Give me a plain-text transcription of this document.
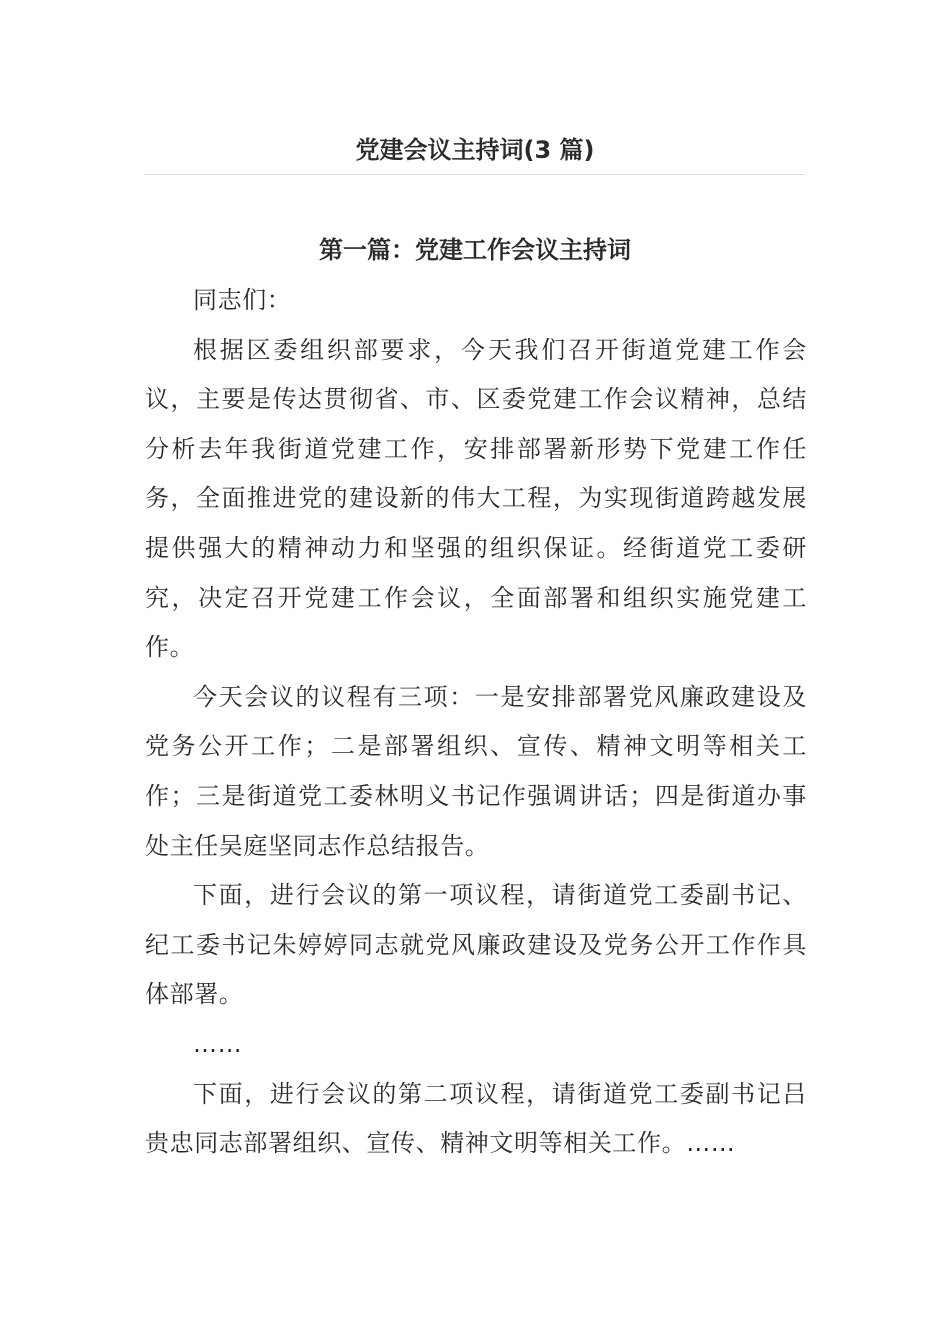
党建会议主持词(3 篇)
第一篇：党建工作会议主持词

同志们：

根据区委组织部要求，今天我们召开街道党建工作会议，主要是传达贯彻省、市、区委党建工作会议精神，总结分析去年我街道党建工作，安排部署新形势下党建工作任务，全面推进党的建设新的伟大工程，为实现街道跨越发展提供强大的精神动力和坚强的组织保证。经街道党工委研究，决定召开党建工作会议，全面部署和组织实施党建工作。

今天会议的议程有三项：一是安排部署党风廉政建设及党务公开工作；二是部署组织、宣传、精神文明等相关工作；三是街道党工委林明义书记作强调讲话；四是街道办事处主任吴庭坚同志作总结报告。

下面，进行会议的第一项议程，请街道党工委副书记、纪工委书记朱婷婷同志就党风廉政建设及党务公开工作作具体部署。

……

下面，进行会议的第二项议程，请街道党工委副书记吕贵忠同志部署组织、宣传、精神文明等相关工作。……
